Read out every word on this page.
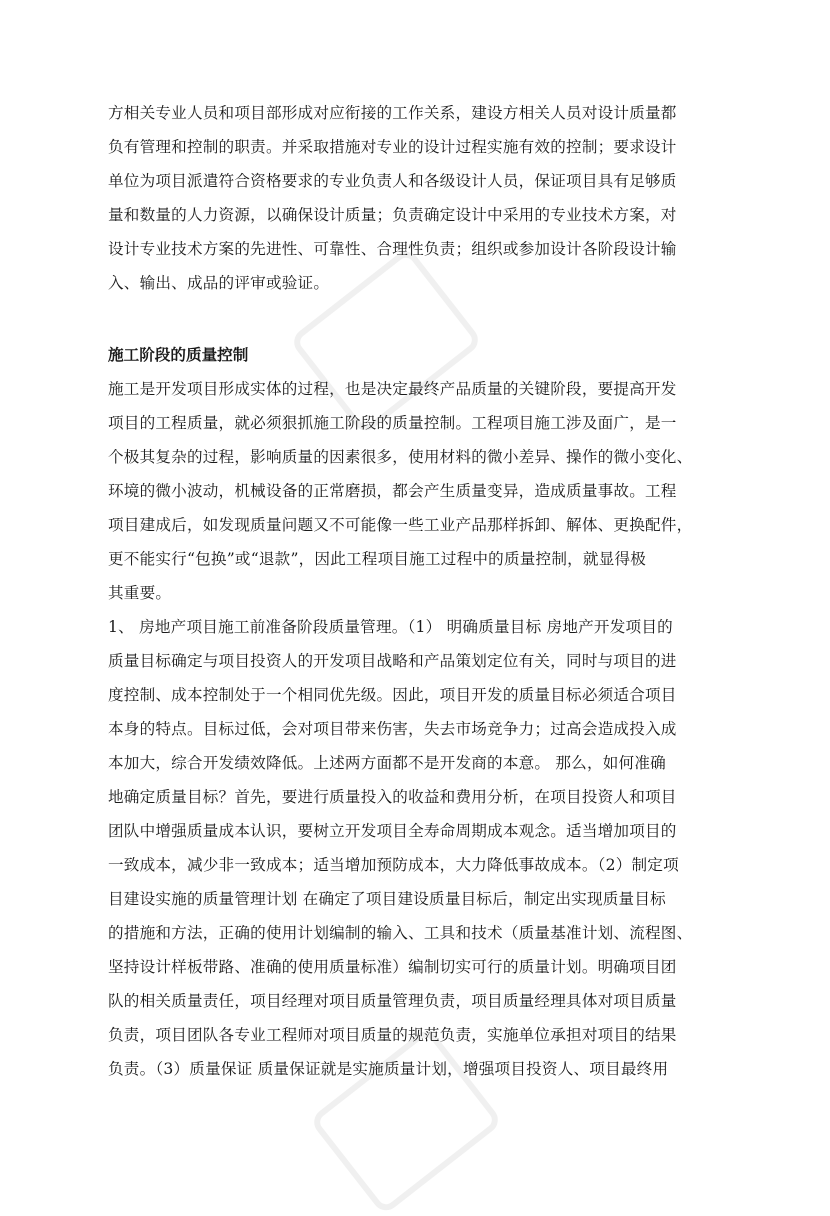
方相关专业人员和项目部形成对应衔接的工作关系，建设方相关人员对设计质量都
负有管理和控制的职责。并采取措施对专业的设计过程实施有效的控制；要求设计
单位为项目派遣符合资格要求的专业负责人和各级设计人员，保证项目具有足够质
量和数量的人力资源，以确保设计质量；负责确定设计中采用的专业技术方案，对
设计专业技术方案的先进性、可靠性、合理性负责；组织或参加设计各阶段设计输
入、输出、成品的评审或验证。
施工阶段的质量控制
施工是开发项目形成实体的过程，也是决定最终产品质量的关键阶段，要提高开发
项目的工程质量，就必须狠抓施工阶段的质量控制。工程项目施工涉及面广，是一
个极其复杂的过程，影响质量的因素很多，使用材料的微小差异、操作的微小变化、
环境的微小波动，机械设备的正常磨损，都会产生质量变异，造成质量事故。工程
项目建成后，如发现质量问题又不可能像一些工业产品那样拆卸、解体、更换配件，
更不能实行“包换”或“退款”，因此工程项目施工过程中的质量控制，就显得极
其重要。
1、 房地产项目施工前准备阶段质量管理。（1） 明确质量目标 房地产开发项目的
质量目标确定与项目投资人的开发项目战略和产品策划定位有关，同时与项目的进
度控制、成本控制处于一个相同优先级。因此，项目开发的质量目标必须适合项目
本身的特点。目标过低，会对项目带来伤害，失去市场竞争力；过高会造成投入成
本加大，综合开发绩效降低。上述两方面都不是开发商的本意。 那么，如何准确
地确定质量目标？首先，要进行质量投入的收益和费用分析，在项目投资人和项目
团队中增强质量成本认识，要树立开发项目全寿命周期成本观念。适当增加项目的
一致成本，减少非一致成本；适当增加预防成本，大力降低事故成本。（2）制定项
目建设实施的质量管理计划 在确定了项目建设质量目标后，制定出实现质量目标
的措施和方法，正确的使用计划编制的输入、工具和技术（质量基准计划、流程图、
坚持设计样板带路、准确的使用质量标准）编制切实可行的质量计划。明确项目团
队的相关质量责任，项目经理对项目质量管理负责，项目质量经理具体对项目质量
负责，项目团队各专业工程师对项目质量的规范负责，实施单位承担对项目的结果
负责。（3）质量保证 质量保证就是实施质量计划，增强项目投资人、项目最终用
